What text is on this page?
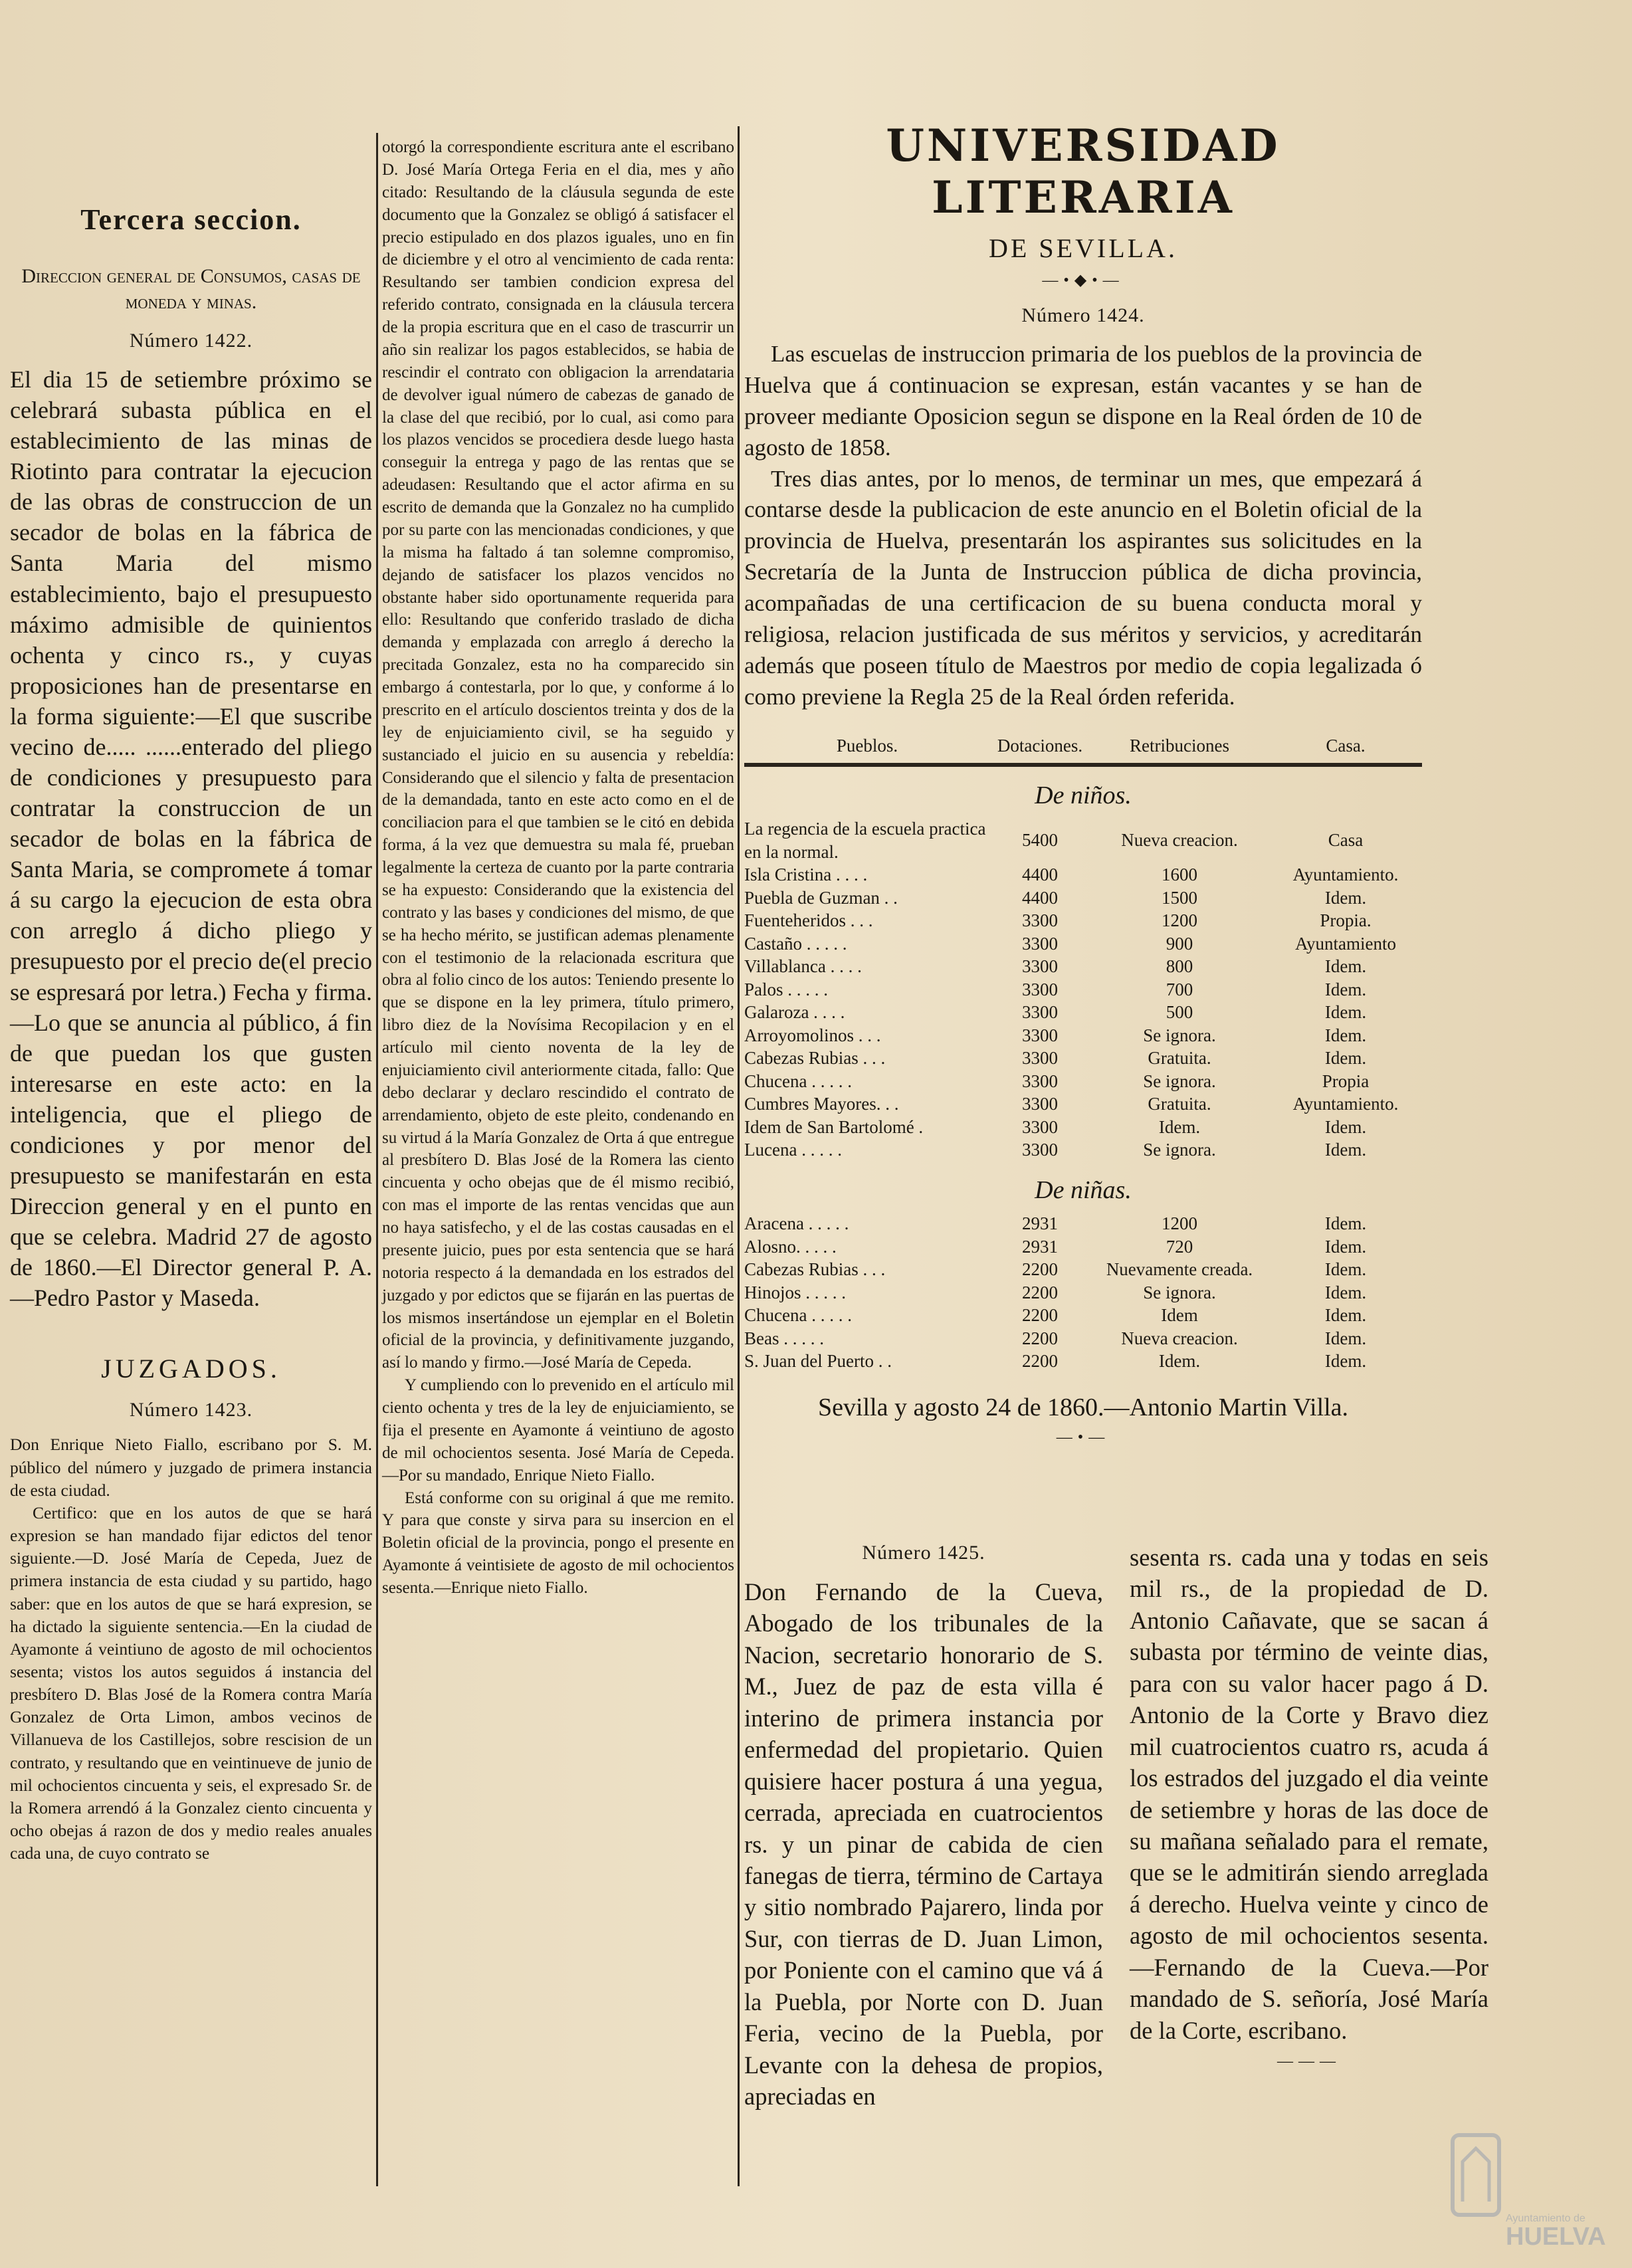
Tercera seccion.
Direccion general de Consumos, casas de moneda y minas.
Número 1422.

El dia 15 de setiembre próximo se celebrará subasta pública en el establecimiento de las minas de Riotinto para contratar la ejecucion de las obras de construccion de un secador de bolas en la fábrica de Santa Maria del mismo establecimiento, bajo el presupuesto máximo admisible de quinientos ochenta y cinco rs., y cuyas proposiciones han de presentarse en la forma siguiente:—El que suscribe vecino de..... ......enterado del pliego de condiciones y presupuesto para contratar la construccion de un secador de bolas en la fábrica de Santa Maria, se compromete á tomar á su cargo la ejecucion de esta obra con arreglo á dicho pliego y presupuesto por el precio de(el precio se espresará por letra.) Fecha y firma.—Lo que se anuncia al público, á fin de que puedan los que gusten interesarse en este acto: en la inteligencia, que el pliego de condiciones y por menor del presupuesto se manifestarán en esta Direccion general y en el punto en que se celebra. Madrid 27 de agosto de 1860.—El Director general P. A.—Pedro Pastor y Maseda.

JUZGADOS.
Número 1423.

Don Enrique Nieto Fiallo, escribano por S. M. público del número y juzgado de primera instancia de esta ciudad.

Certifico: que en los autos de que se hará expresion se han mandado fijar edictos del tenor siguiente.—D. José María de Cepeda, Juez de primera instancia de esta ciudad y su partido, hago saber: que en los autos de que se hará expresion, se ha dictado la siguiente sentencia.—En la ciudad de Ayamonte á veintiuno de agosto de mil ochocientos sesenta; vistos los autos seguidos á instancia del presbítero D. Blas José de la Romera contra María Gonzalez de Orta Limon, ambos vecinos de Villanueva de los Castillejos, sobre rescision de un contrato, y resultando que en veintinueve de junio de mil ochocientos cincuenta y seis, el expresado Sr. de la Romera arrendó á la Gonzalez ciento cincuenta y ocho obejas á razon de dos y medio reales anuales cada una, de cuyo contrato se

otorgó la correspondiente escritura ante el escribano D. José María Ortega Feria en el dia, mes y año citado: Resultando de la cláusula segunda de este documento que la Gonzalez se obligó á satisfacer el precio estipulado en dos plazos iguales, uno en fin de diciembre y el otro al vencimiento de cada renta: Resultando ser tambien condicion expresa del referido contrato, consignada en la cláusula tercera de la propia escritura que en el caso de trascurrir un año sin realizar los pagos establecidos, se habia de rescindir el contrato con obligacion la arrendataria de devolver igual número de cabezas de ganado de la clase del que recibió, por lo cual, asi como para los plazos vencidos se procediera desde luego hasta conseguir la entrega y pago de las rentas que se adeudasen: Resultando que el actor afirma en su escrito de demanda que la Gonzalez no ha cumplido por su parte con las mencionadas condiciones, y que la misma ha faltado á tan solemne compromiso, dejando de satisfacer los plazos vencidos no obstante haber sido oportunamente requerida para ello: Resultando que conferido traslado de dicha demanda y emplazada con arreglo á derecho la precitada Gonzalez, esta no ha comparecido sin embargo á contestarla, por lo que, y conforme á lo prescrito en el artículo doscientos treinta y dos de la ley de enjuiciamiento civil, se ha seguido y sustanciado el juicio en su ausencia y rebeldía: Considerando que el silencio y falta de presentacion de la demandada, tanto en este acto como en el de conciliacion para el que tambien se le citó en debida forma, á la vez que demuestra su mala fé, prueban legalmente la certeza de cuanto por la parte contraria se ha expuesto: Considerando que la existencia del contrato y las bases y condiciones del mismo, de que se ha hecho mérito, se justifican ademas plenamente con el testimonio de la relacionada escritura que obra al folio cinco de los autos: Teniendo presente lo que se dispone en la ley primera, título primero, libro diez de la Novísima Recopilacion y en el artículo mil ciento noventa de la ley de enjuiciamiento civil anteriormente citada, fallo: Que debo declarar y declaro rescindido el contrato de arrendamiento, objeto de este pleito, condenando en su virtud á la María Gonzalez de Orta á que entregue al presbítero D. Blas José de la Romera las ciento cincuenta y ocho obejas que de él mismo recibió, con mas el importe de las rentas vencidas que aun no haya satisfecho, y el de las costas causadas en el presente juicio, pues por esta sentencia que se hará notoria respecto á la demandada en los estrados del juzgado y por edictos que se fijarán en las puertas de los mismos insertándose un ejemplar en el Boletin oficial de la provincia, y definitivamente juzgando, así lo mando y firmo.—José María de Cepeda.

Y cumpliendo con lo prevenido en el artículo mil ciento ochenta y tres de la ley de enjuiciamiento, se fija el presente en Ayamonte á veintiuno de agosto de mil ochocientos sesenta. José María de Cepeda.—Por su mandado, Enrique Nieto Fiallo.

Está conforme con su original á que me remito. Y para que conste y sirva para su insercion en el Boletin oficial de la provincia, pongo el presente en Ayamonte á veintisiete de agosto de mil ochocientos sesenta.—Enrique nieto Fiallo.

UNIVERSIDAD LITERARIA
DE SEVILLA.
—•◆•—
Número 1424.

Las escuelas de instruccion primaria de los pueblos de la provincia de Huelva que á continuacion se expresan, están vacantes y se han de proveer mediante Oposicion segun se dispone en la Real órden de 10 de agosto de 1858.

Tres dias antes, por lo menos, de terminar un mes, que empezará á contarse desde la publicacion de este anuncio en el Boletin oficial de la provincia de Huelva, presentarán los aspirantes sus solicitudes en la Secretaría de la Junta de Instruccion pública de dicha provincia, acompañadas de una certificacion de su buena conducta moral y religiosa, relacion justificada de sus méritos y servicios, y acreditarán además que poseen título de Maestros por medio de copia legalizada ó como previene la Regla 25 de la Real órden referida.

Pueblos.	Dotaciones.	Retribuciones	Casa.

De niños.			
La regencia de la escuela practica en la normal.	5400	Nueva creacion.	Casa
Isla Cristina . . . .	4400	1600	Ayuntamiento.
Puebla de Guzman . .	4400	1500	Idem.
Fuenteheridos . . .	3300	1200	Propia.
Castaño . . . . .	3300	900	Ayuntamiento
Villablanca . . . .	3300	800	Idem.
Palos . . . . .	3300	700	Idem.
Galaroza . . . .	3300	500	Idem.
Arroyomolinos . . .	3300	Se ignora.	Idem.
Cabezas Rubias . . .	3300	Gratuita.	Idem.
Chucena . . . . .	3300	Se ignora.	Propia
Cumbres Mayores. . .	3300	Gratuita.	Ayuntamiento.
Idem de San Bartolomé .	3300	Idem.	Idem.
Lucena . . . . .	3300	Se ignora.	Idem.
De niñas.			
Aracena . . . . .	2931	1200	Idem.
Alosno. . . . .	2931	720	Idem.
Cabezas Rubias . . .	2200	Nuevamente creada.	Idem.
Hinojos . . . . .	2200	Se ignora.	Idem.
Chucena . . . . .	2200	Idem	Idem.
Beas . . . . .	2200	Nueva creacion.	Idem.
S. Juan del Puerto . .	2200	Idem.	Idem.
Sevilla y agosto 24 de 1860.—Antonio Martin Villa.
—•—
Número 1425.

Don Fernando de la Cueva, Abogado de los tribunales de la Nacion, secretario honorario de S. M., Juez de paz de esta villa é interino de primera instancia por enfermedad del propietario. Quien quisiere hacer postura á una yegua, cerrada, apreciada en cuatrocientos rs. y un pinar de cabida de cien fanegas de tierra, término de Cartaya y sitio nombrado Pajarero, linda por Sur, con tierras de D. Juan Limon, por Poniente con el camino que vá á la Puebla, por Norte con D. Juan Feria, vecino de la Puebla, por Levante con la dehesa de propios, apreciadas en

sesenta rs. cada una y todas en seis mil rs., de la propiedad de D. Antonio Cañavate, que se sacan á subasta por término de veinte dias, para con su valor hacer pago á D. Antonio de la Corte y Bravo diez mil cuatrocientos cuatro rs, acuda á los estrados del juzgado el dia veinte de setiembre y horas de las doce de su mañana señalado para el remate, que se le admitirán siendo arreglada á derecho. Huelva veinte y cinco de agosto de mil ochocientos sesenta.—Fernando de la Cueva.—Por mandado de S. señoría, José María de la Corte, escribano.

———
Ayuntamiento de
HUELVA
